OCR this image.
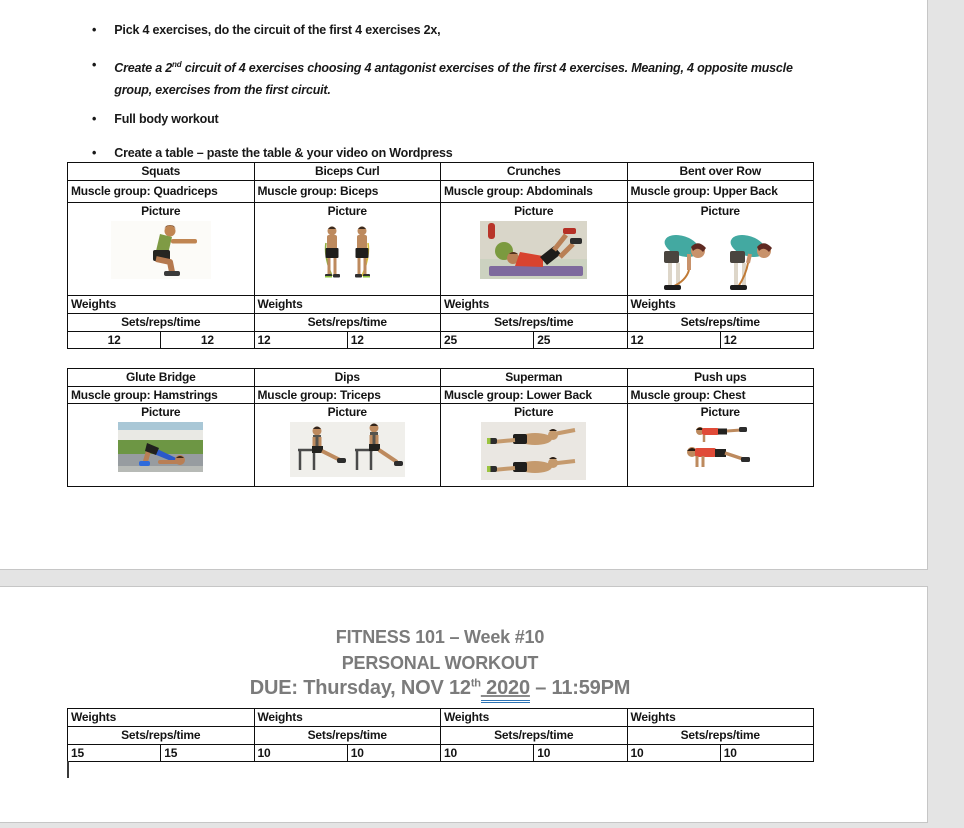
• Pick 4 exercises, do the circuit of the first 4 exercises 2x,
• Create a 2nd circuit of 4 exercises choosing 4 antagonist exercises of the first 4 exercises. Meaning, 4 opposite muscle group, exercises from the first circuit.
• Full body workout
• Create a table – paste the table & your video on Wordpress
Squats		Biceps Curl		Crunches		Bent over Row	
Muscle group: Quadriceps		Muscle group: Biceps		Muscle group: Abdominals		Muscle group: Upper Back	

Picture		Picture		Picture		Picture	

Weights		Weights		Weights		Weights	
Sets/reps/time		Sets/reps/time		Sets/reps/time		Sets/reps/time	
12	12	12	12	25	25	12	12
Glute Bridge	Dips	Superman	Push ups
Muscle group: Hamstrings	Muscle group: Triceps	Muscle group: Lower Back	Muscle group: Chest

Picture	Picture	Picture	Picture
FITNESS 101 – Week #10
PERSONAL WORKOUT
DUE: Thursday, NOV 12th 2020 – 11:59PM
Weights		Weights		Weights		Weights	
Sets/reps/time		Sets/reps/time		Sets/reps/time		Sets/reps/time	
15	15	10	10	10	10	10	10
